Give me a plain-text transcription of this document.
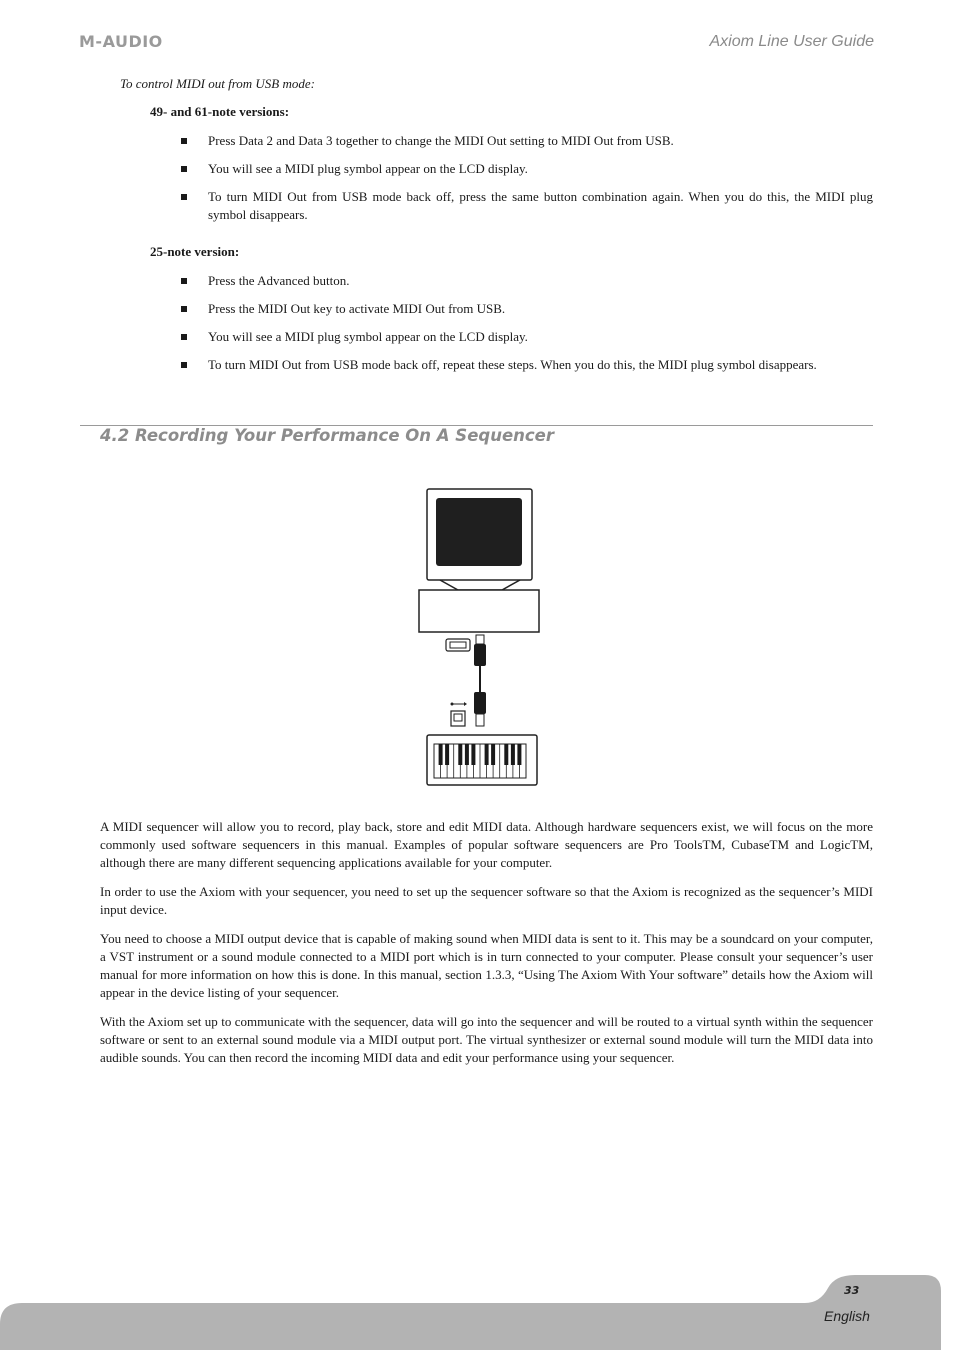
M-AUDIO	Axiom Line User Guide
To control MIDI out from USB mode:
49- and 61-note versions:
Press Data 2 and Data 3 together to change the MIDI Out setting to MIDI Out from USB.
You will see a MIDI plug symbol appear on the LCD display.
To turn MIDI Out from USB mode back off, press the same button combination again. When you do this, the MIDI plug symbol disappears.
25-note version:
Press the Advanced button.
Press the MIDI Out key to activate MIDI Out from USB.
You will see a MIDI plug symbol appear on the LCD display.
To turn MIDI Out from USB mode back off, repeat these steps. When you do this, the MIDI plug symbol disappears.
4.2 Recording Your Performance On A Sequencer

A MIDI sequencer will allow you to record, play back, store and edit MIDI data. Although hardware sequencers exist, we will focus on the more commonly used software sequencers in this manual. Examples of popular software sequencers are Pro ToolsTM, CubaseTM and LogicTM, although there are many different sequencing applications available for your computer.

In order to use the Axiom with your sequencer, you need to set up the sequencer software so that the Axiom is recognized as the sequencer’s MIDI input device.

You need to choose a MIDI output device that is capable of making sound when MIDI data is sent to it. This may be a soundcard on your computer, a VST instrument or a sound module connected to a MIDI port which is in turn connected to your computer. Please consult your sequencer’s user manual for more information on how this is done. In this manual, section 1.3.3, “Using The Axiom With Your software” details how the Axiom will appear in the device listing of your sequencer.

With the Axiom set up to communicate with the sequencer, data will go into the sequencer and will be routed to a virtual synth within the sequencer software or sent to an external sound module via a MIDI output port. The virtual synthesizer or external sound module will turn the MIDI data into audible sounds. You can then record the incoming MIDI data and edit your performance using your sequencer.

33
English
